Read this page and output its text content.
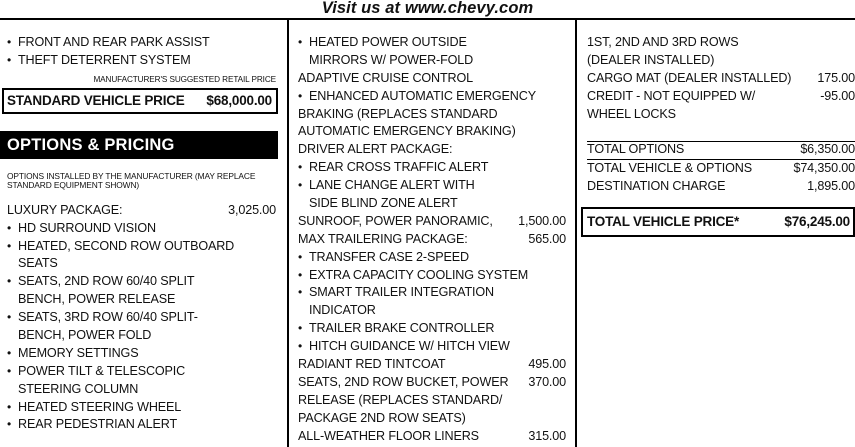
Visit us at www.chevy.com
• FRONT AND REAR PARK ASSIST
• THEFT DETERRENT SYSTEM
MANUFACTURER'S SUGGESTED RETAIL PRICE
STANDARD VEHICLE PRICE $68,000.00
OPTIONS & PRICING
OPTIONS INSTALLED BY THE MANUFACTURER (MAY REPLACE
STANDARD EQUIPMENT SHOWN)
LUXURY PACKAGE:	3,025.00
• HD SURROUND VISION
• HEATED, SECOND ROW OUTBOARD
SEATS
• SEATS, 2ND ROW 60/40 SPLIT
BENCH, POWER RELEASE
• SEATS, 3RD ROW 60/40 SPLIT-
BENCH, POWER FOLD
• MEMORY SETTINGS
• POWER TILT & TELESCOPIC
STEERING COLUMN
• HEATED STEERING WHEEL
• REAR PEDESTRIAN ALERT
• HEATED POWER OUTSIDE
MIRRORS W/ POWER-FOLD
ADAPTIVE CRUISE CONTROL
• ENHANCED AUTOMATIC EMERGENCY
BRAKING (REPLACES STANDARD
AUTOMATIC EMERGENCY BRAKING)
DRIVER ALERT PACKAGE:
• REAR CROSS TRAFFIC ALERT
• LANE CHANGE ALERT WITH
SIDE BLIND ZONE ALERT
SUNROOF, POWER PANORAMIC, 1,500.00
MAX TRAILERING PACKAGE:	565.00
• TRANSFER CASE 2-SPEED
• EXTRA CAPACITY COOLING SYSTEM
• SMART TRAILER INTEGRATION
INDICATOR
• TRAILER BRAKE CONTROLLER
• HITCH GUIDANCE W/ HITCH VIEW
RADIANT RED TINTCOAT	495.00
SEATS, 2ND ROW BUCKET, POWER 370.00
RELEASE (REPLACES STANDARD/
PACKAGE 2ND ROW SEATS)
ALL-WEATHER FLOOR LINERS	315.00
1ST, 2ND AND 3RD ROWS
(DEALER INSTALLED)
CARGO MAT (DEALER INSTALLED) 175.00
CREDIT - NOT EQUIPPED W/	-95.00
WHEEL LOCKS
TOTAL OPTIONS	$6,350.00
TOTAL VEHICLE & OPTIONS	$74,350.00
DESTINATION CHARGE	1,895.00
TOTAL VEHICLE PRICE*	$76,245.00
